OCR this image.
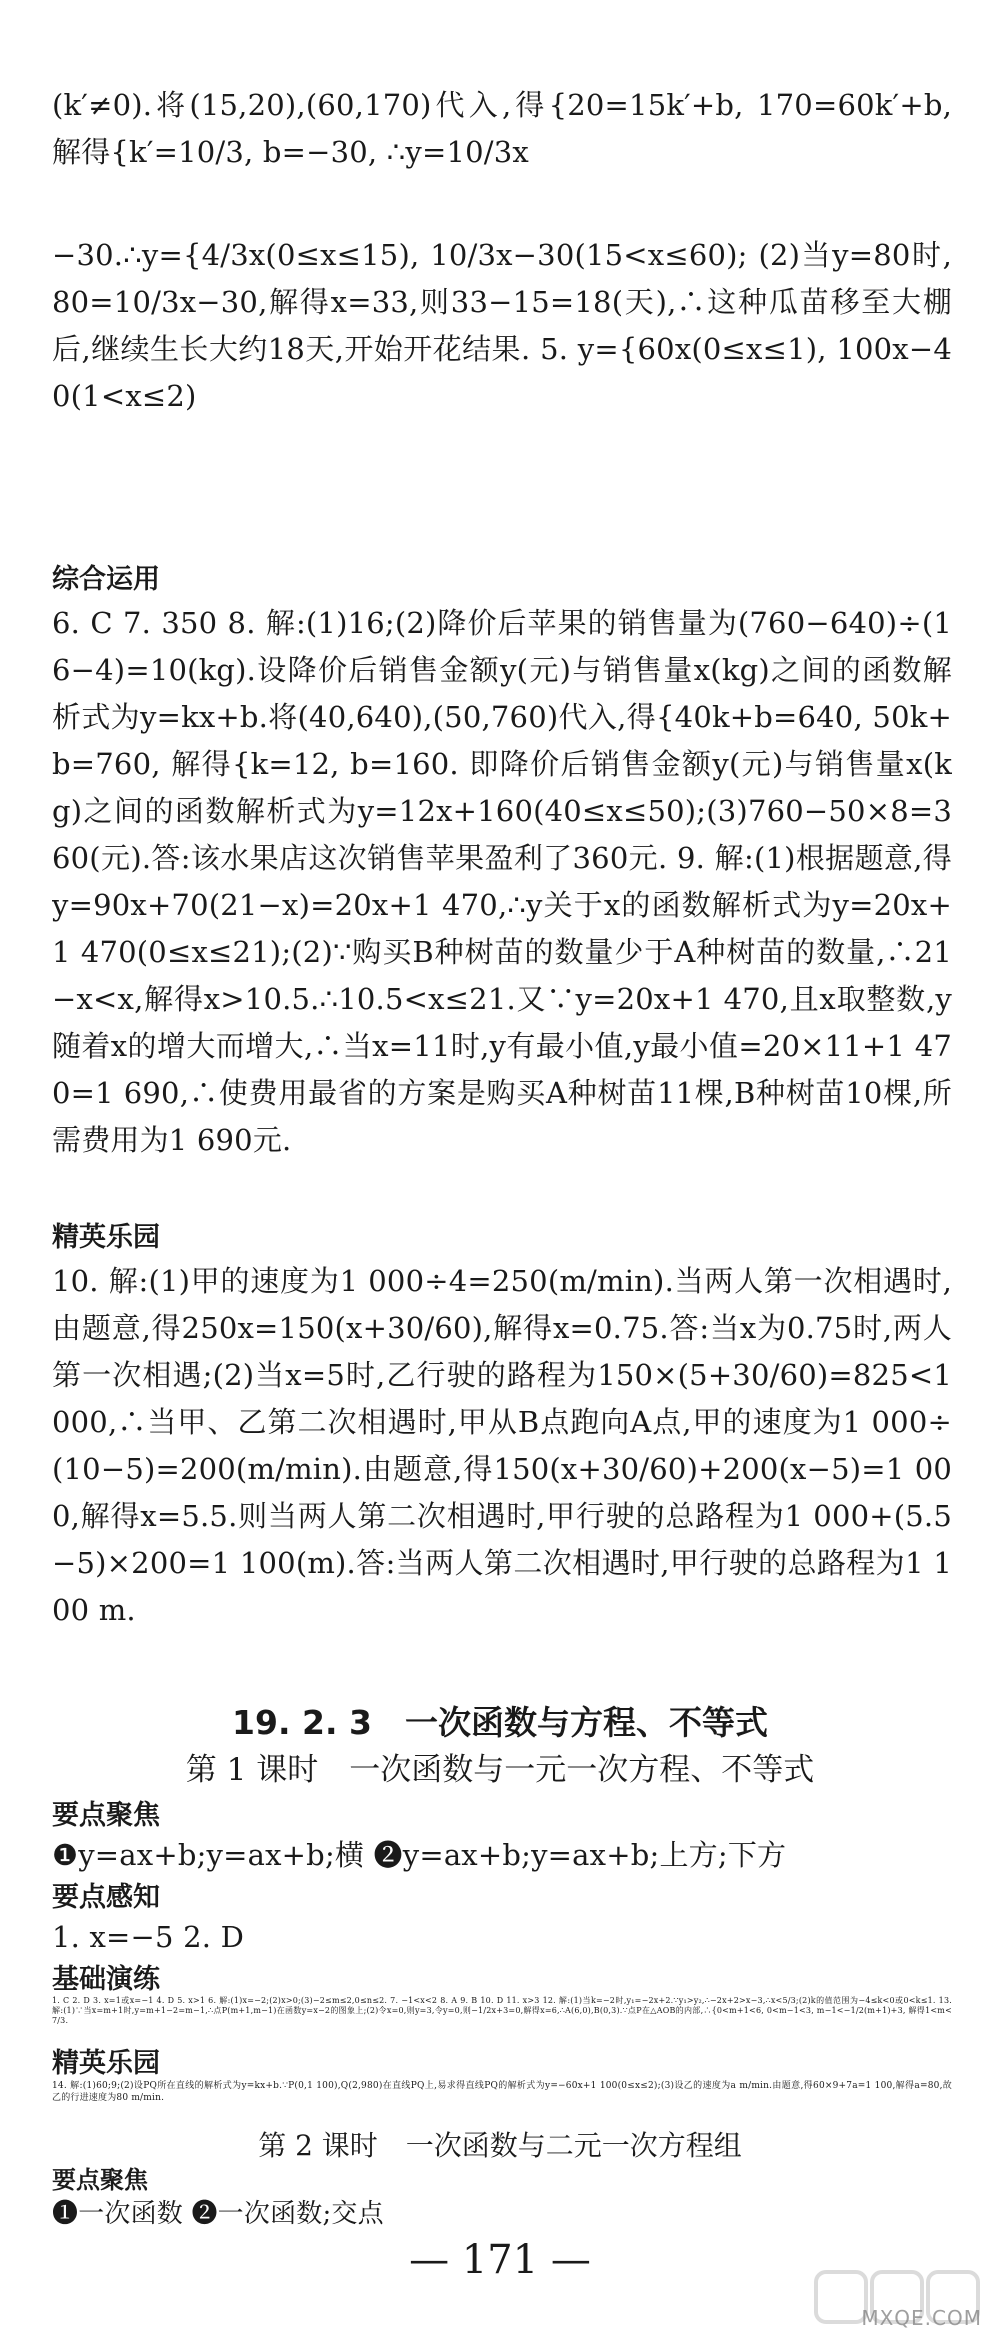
(k′≠0).将(15,20),(60,170)代入,得{20=15k′+b, 170=60k′+b, 解得{k′=10/3, b=−30, ∴y=10/3x
−30.∴y={4/3x(0≤x≤15), 10/3x−30(15<x≤60); (2)当y=80时,80=10/3x−30,解得x=33,则33−15=18(天),∴这种瓜苗移至大棚后,继续生长大约18天,开始开花结果. 5. y={60x(0≤x≤1), 100x−40(1<x≤2)
综合运用
6. C 7. 350 8. 解:(1)16;(2)降价后苹果的销售量为(760−640)÷(16−4)=10(kg).设降价后销售金额y(元)与销售量x(kg)之间的函数解析式为y=kx+b.将(40,640),(50,760)代入,得{40k+b=640, 50k+b=760, 解得{k=12, b=160. 即降价后销售金额y(元)与销售量x(kg)之间的函数解析式为y=12x+160(40≤x≤50);(3)760−50×8=360(元).答:该水果店这次销售苹果盈利了360元. 9. 解:(1)根据题意,得y=90x+70(21−x)=20x+1 470,∴y关于x的函数解析式为y=20x+1 470(0≤x≤21);(2)∵购买B种树苗的数量少于A种树苗的数量,∴21−x<x,解得x>10.5.∴10.5<x≤21.又∵y=20x+1 470,且x取整数,y随着x的增大而增大,∴当x=11时,y有最小值,y最小值=20×11+1 470=1 690,∴使费用最省的方案是购买A种树苗11棵,B种树苗10棵,所需费用为1 690元.
精英乐园
10. 解:(1)甲的速度为1 000÷4=250(m/min).当两人第一次相遇时,由题意,得250x=150(x+30/60),解得x=0.75.答:当x为0.75时,两人第一次相遇;(2)当x=5时,乙行驶的路程为150×(5+30/60)=825<1 000,∴当甲、乙第二次相遇时,甲从B点跑向A点,甲的速度为1 000÷(10−5)=200(m/min).由题意,得150(x+30/60)+200(x−5)=1 000,解得x=5.5.则当两人第二次相遇时,甲行驶的总路程为1 000+(5.5−5)×200=1 100(m).答:当两人第二次相遇时,甲行驶的总路程为1 100 m.
19. 2. 3　一次函数与方程、不等式
第 1 课时　一次函数与一元一次方程、不等式
要点聚焦
❶y=ax+b;y=ax+b;横 ❷y=ax+b;y=ax+b;上方;下方
要点感知
1. x=−5 2. D
基础演练
1. C 2. D 3. x=1或x=−1 4. D 5. x>1 6. 解:(1)x=−2;(2)x>0;(3)−2≤m≤2,0≤n≤2. 7. −1<x<2 8. A 9. B 10. D 11. x>3 12. 解:(1)当k=−2时,y₁=−2x+2.∵y₁>y₂,∴−2x+2>x−3,∴x<5/3;(2)k的值范围为−4≤k<0或0<k≤1. 13. 解:(1)∵当x=m+1时,y=m+1−2=m−1,∴点P(m+1,m−1)在函数y=x−2的图象上;(2)令x=0,则y=3,令y=0,则−1/2x+3=0,解得x=6,∴A(6,0),B(0,3).∵点P在△AOB的内部,∴{0<m+1<6, 0<m−1<3, m−1<−1/2(m+1)+3, 解得1<m<7/3.
精英乐园
14. 解:(1)60;9;(2)设PQ所在直线的解析式为y=kx+b.∵P(0,1 100),Q(2,980)在直线PQ上,易求得直线PQ的解析式为y=−60x+1 100(0≤x≤2);(3)设乙的速度为a m/min.由题意,得60×9+7a=1 100,解得a=80,故乙的行进速度为80 m/min.
第 2 课时　一次函数与二元一次方程组
要点聚焦
❶一次函数 ❷一次函数;交点
— 171 —
MXQE.COM
